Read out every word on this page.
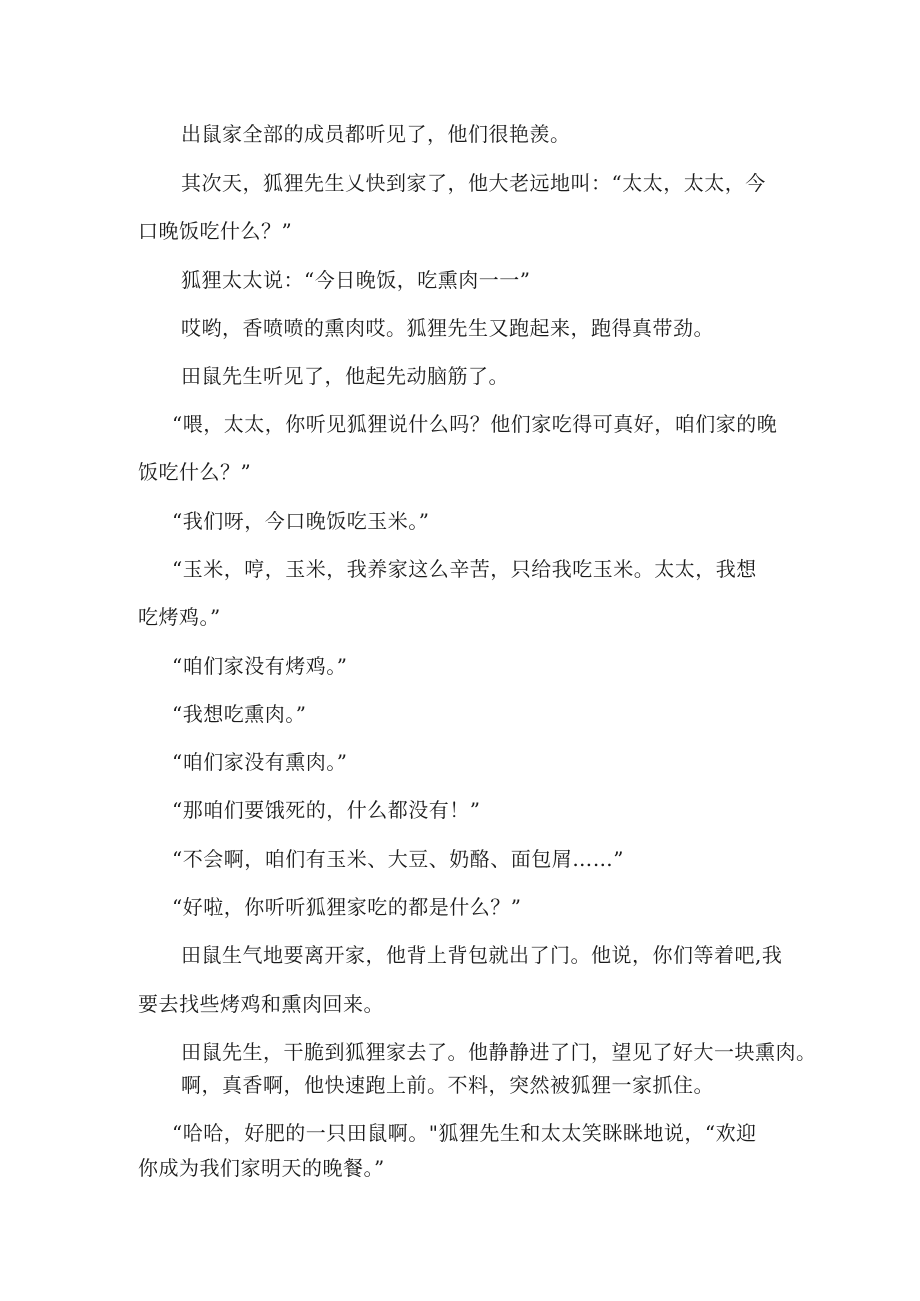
出鼠家全部的成员都听见了，他们很艳羡。
其次天，狐狸先生乂快到家了，他大老远地叫：“太太，太太，今
口晚饭吃什么？”
狐狸太太说：“今日晚饭，吃熏肉一一”
哎哟，香喷喷的熏肉哎。狐狸先生又跑起来，跑得真带劲。
田鼠先生听见了，他起先动脑筋了。
“喂，太太，你听见狐狸说什么吗？他们家吃得可真好，咱们家的晚
饭吃什么？”
“我们呀，今口晚饭吃玉米。”
“玉米，哼，玉米，我养家这么辛苦，只给我吃玉米。太太，我想
吃烤鸡。”
“咱们家没有烤鸡。”
“我想吃熏肉。”
“咱们家没有熏肉。”
“那咱们要饿死的，什么都没有！”
“不会啊，咱们有玉米、大豆、奶酪、面包屑……”
“好啦，你听听狐狸家吃的都是什么？”
田鼠生气地要离开家，他背上背包就出了门。他说，你们等着吧,我
要去找些烤鸡和熏肉回来。
田鼠先生，干脆到狐狸家去了。他静静进了门，望见了好大一块熏肉。
啊，真香啊，他快速跑上前。不料，突然被狐狸一家抓住。
“哈哈，好肥的一只田鼠啊。"狐狸先生和太太笑眯眯地说，“欢迎
你成为我们家明天的晚餐。”
